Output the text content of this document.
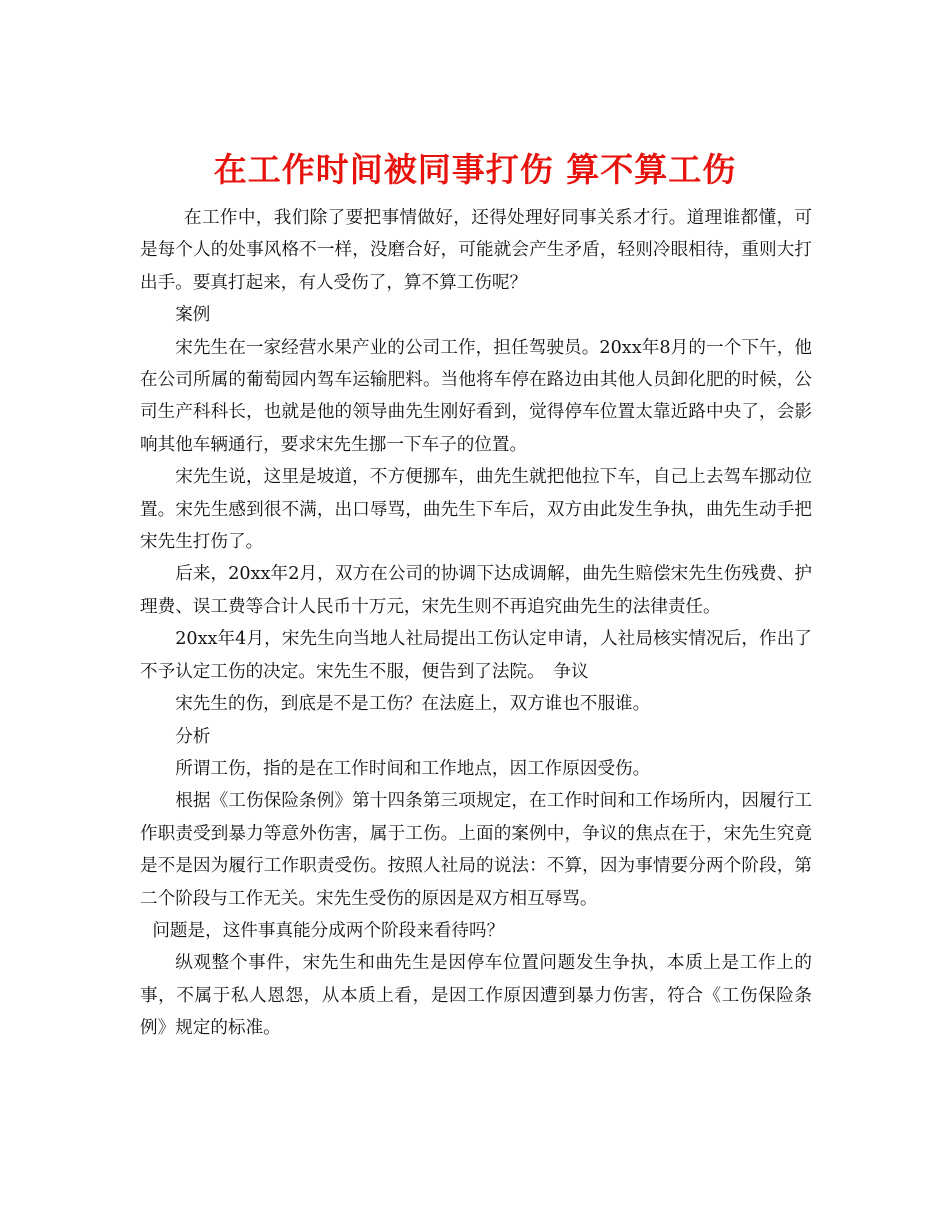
在工作时间被同事打伤 算不算工伤

在工作中，我们除了要把事情做好，还得处理好同事关系才行。道理谁都懂，可是每个人的处事风格不一样，没磨合好，可能就会产生矛盾，轻则冷眼相待，重则大打出手。要真打起来，有人受伤了，算不算工伤呢？

案例

宋先生在一家经营水果产业的公司工作，担任驾驶员。20xx年8月的一个下午，他在公司所属的葡萄园内驾车运输肥料。当他将车停在路边由其他人员卸化肥的时候，公司生产科科长，也就是他的领导曲先生刚好看到，觉得停车位置太靠近路中央了，会影响其他车辆通行，要求宋先生挪一下车子的位置。

宋先生说，这里是坡道，不方便挪车，曲先生就把他拉下车，自己上去驾车挪动位置。宋先生感到很不满，出口辱骂，曲先生下车后，双方由此发生争执，曲先生动手把宋先生打伤了。

后来，20xx年2月，双方在公司的协调下达成调解，曲先生赔偿宋先生伤残费、护理费、误工费等合计人民币十万元，宋先生则不再追究曲先生的法律责任。

20xx年4月，宋先生向当地人社局提出工伤认定申请，人社局核实情况后，作出了不予认定工伤的决定。宋先生不服，便告到了法院。　争议

宋先生的伤，到底是不是工伤？在法庭上，双方谁也不服谁。

分析

所谓工伤，指的是在工作时间和工作地点，因工作原因受伤。

根据《工伤保险条例》第十四条第三项规定，在工作时间和工作场所内，因履行工作职责受到暴力等意外伤害，属于工伤。上面的案例中，争议的焦点在于，宋先生究竟是不是因为履行工作职责受伤。按照人社局的说法：不算，因为事情要分两个阶段，第二个阶段与工作无关。宋先生受伤的原因是双方相互辱骂。

问题是，这件事真能分成两个阶段来看待吗？

纵观整个事件，宋先生和曲先生是因停车位置问题发生争执，本质上是工作上的事，不属于私人恩怨，从本质上看，是因工作原因遭到暴力伤害，符合《工伤保险条例》规定的标准。
